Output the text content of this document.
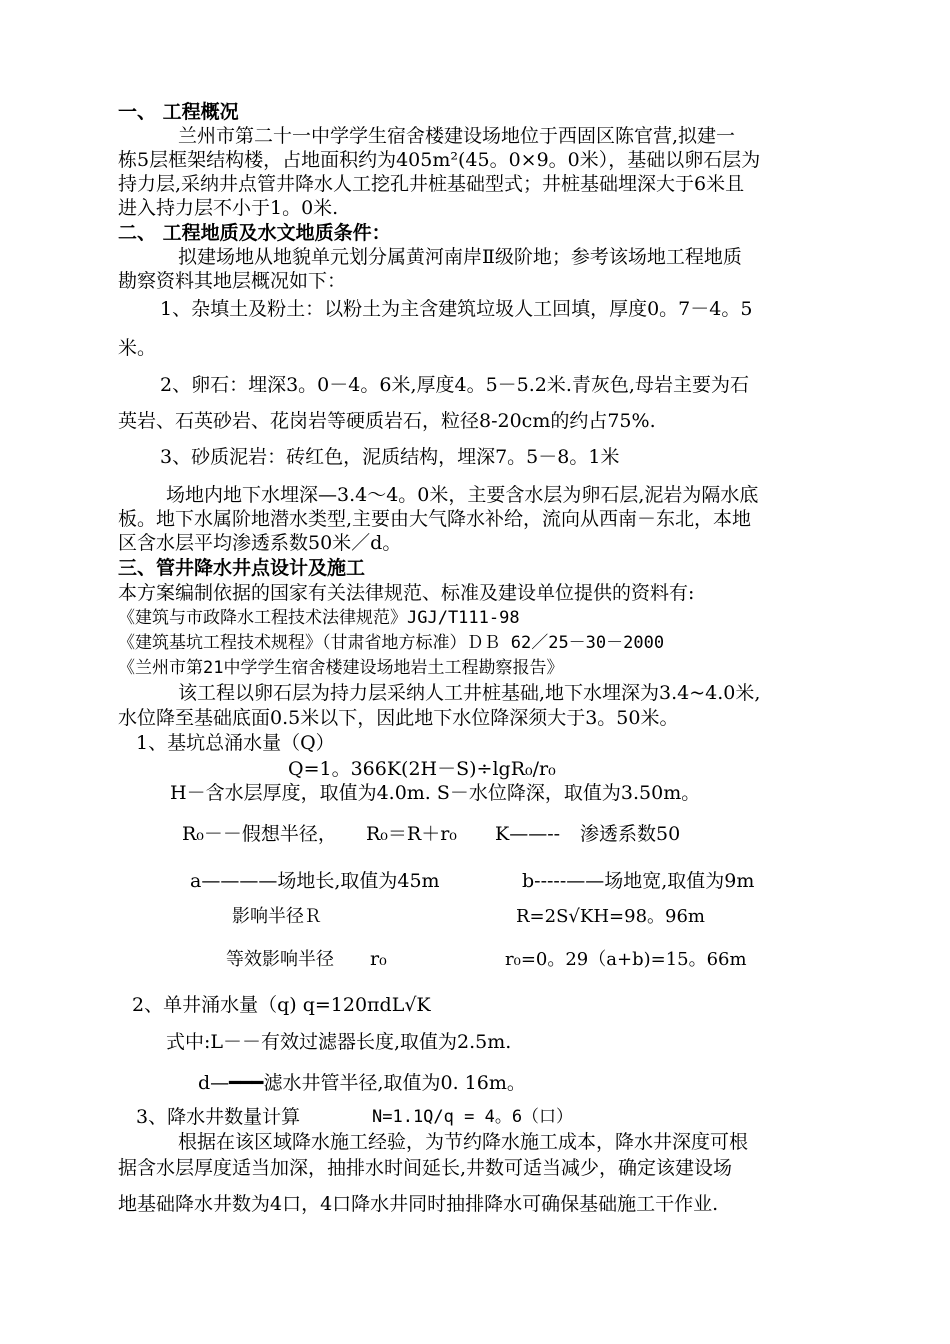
一、 工程概况
兰州市第二十一中学学生宿舍楼建设场地位于西固区陈官营,拟建一
栋5层框架结构楼，占地面积约为405m²(45。0×9。0米），基础以卵石层为
持力层,采纳井点管井降水人工挖孔井桩基础型式；井桩基础埋深大于6米且
进入持力层不小于1。0米.
二、 工程地质及水文地质条件：
拟建场地从地貌单元划分属黄河南岸Ⅱ级阶地；参考该场地工程地质
勘察资料其地层概况如下：
1、杂填土及粉土：以粉土为主含建筑垃圾人工回填，厚度0。7－4。5
米。
2、卵石：埋深3。0－4。6米,厚度4。5－5.2米.青灰色,母岩主要为石
英岩、石英砂岩、花岗岩等硬质岩石，粒径8-20cm的约占75%.
3、砂质泥岩：砖红色，泥质结构，埋深7。5－8。1米
场地内地下水埋深—3.4～4。0米，主要含水层为卵石层,泥岩为隔水底
板。地下水属阶地潜水类型,主要由大气降水补给，流向从西南－东北，本地
区含水层平均渗透系数50米／d。
三、管井降水井点设计及施工
本方案编制依据的国家有关法律规范、标准及建设单位提供的资料有:
《建筑与市政降水工程技术法律规范》JGJ/T111-98
《建筑基坑工程技术规程》（甘肃省地方标准）ＤＢ 62／25－30－2000
《兰州市第21中学学生宿舍楼建设场地岩土工程勘察报告》
该工程以卵石层为持力层采纳人工井桩基础,地下水埋深为3.4~4.0米,
水位降至基础底面0.5米以下，因此地下水位降深须大于3。50米。
1、基坑总涌水量（Q）
Q=1。366K(2H－S)÷lgR₀/r₀
H－含水层厚度，取值为4.0m. S－水位降深，取值为3.50m。
R₀－－假想半径， R₀＝R＋r₀ K——-- 渗透系数50
a————场地长,取值为45m	b-----——场地宽,取值为9m
影响半径Ｒ	R=2S√KH=98。96m
等效影响半径 r₀	r₀=0。29（a+b)=15。66m
2、单井涌水量（q) q=120πdL√K
式中:L－－有效过滤器长度,取值为2.5m.
d—━━━滤水井管半径,取值为0. 16m。
3、降水井数量计算	N=1.1Q/q = 4。6（口）
根据在该区域降水施工经验，为节约降水施工成本，降水井深度可根
据含水层厚度适当加深，抽排水时间延长,井数可适当减少，确定该建设场
地基础降水井数为4口，4口降水井同时抽排降水可确保基础施工干作业.
